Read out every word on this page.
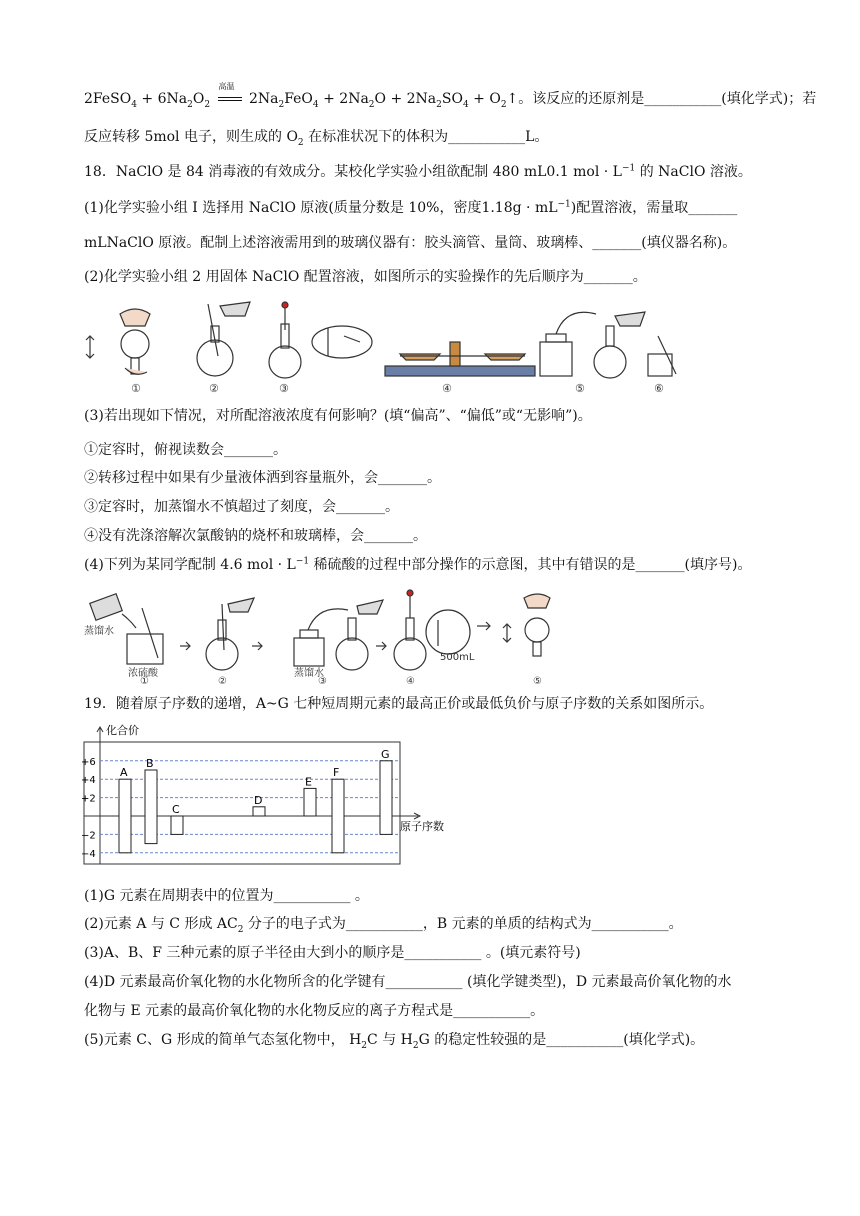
2FeSO$_4$ + $6Na_2O_2$
高温
$2Na_2FeO_4 + 2Na_2O + 2Na_2SO_4$ + $O_2↑$。该反应的还原剂是___________(填化学式)；若
反应转移 5mol 电子，则生成的 $O_2$ 在标准状况下的体积为___________L。
18．NaClO 是 84 消毒液的有效成分。某校化学实验小组欲配制 480 mL0.1 mol · $L^{-1}$ 的 NaClO 溶液。
(1)化学实验小组 I 选择用 NaClO 原液(质量分数是 10%，密度$1.18g \cdot mL^{-1}$)配置溶液，需量取_______
mLNaClO 原液。配制上述溶液需用到的玻璃仪器有：胶头滴管、量筒、玻璃棒、_______(填仪器名称)。
(2)化学实验小组 2 用固体 NaClO 配置溶液，如图所示的实验操作的先后顺序为_______。
①	②	③	④	⑤	⑥
(3)若出现如下情况，对所配溶液浓度有何影响？(填“偏高”、“偏低”或“无影响”)。
①定容时，俯视读数会_______。
②转移过程中如果有少量液体洒到容量瓶外，会_______。
③定容时，加蒸馏水不慎超过了刻度，会_______。
④没有洗涤溶解次氯酸钠的烧杯和玻璃棒，会_______。
(4)下列为某同学配制 4.6 mol · $L^{-1}$ 稀硫酸的过程中部分操作的示意图，其中有错误的是_______(填序号)。
蒸馏水
浓硫酸	蒸馏水
500mL
①	②	③	④	⑤
19．随着原子序数的递增，A~G 七种短周期元素的最高正价或最低负价与原子序数的关系如图所示。
化合价
原子序数
+6
+4
+2
−2
−4
A
B
C
D
E
F
G
(1)G 元素在周期表中的位置为___________ 。
(2)元素 A 与 C 形成 $AC_2$ 分子的电子式为___________，B 元素的单质的结构式为___________。
(3)A、B、F 三种元素的原子半径由大到小的顺序是___________ 。(填元素符号)
(4)D 元素最高价氧化物的水化物所含的化学键有___________ (填化学键类型)，D 元素最高价氧化物的水
化物与 E 元素的最高价氧化物的水化物反应的离子方程式是___________。
(5)元素 C、G 形成的简单气态氢化物中， $H_2C$ 与 $H_2G$ 的稳定性较强的是___________(填化学式)。
